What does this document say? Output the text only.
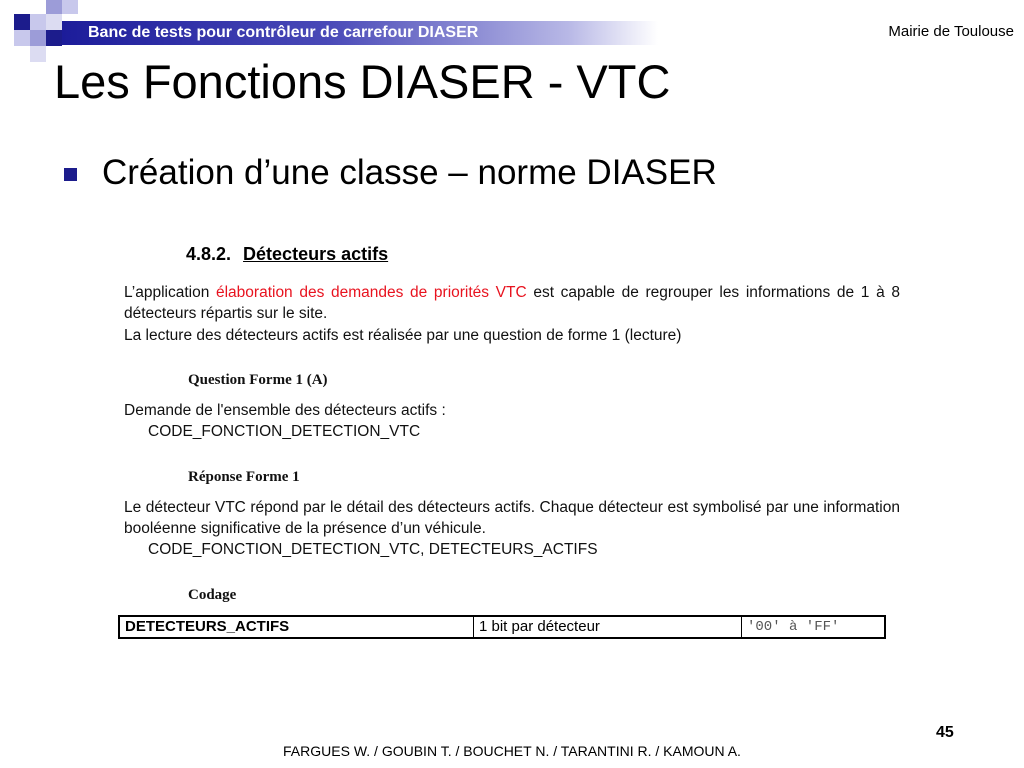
Banc de tests pour contrôleur de carrefour DIASER	Mairie de Toulouse
Les Fonctions DIASER - VTC
Création d’une classe – norme DIASER
4.8.2. Détecteurs actifs
L’application élaboration des demandes de priorités VTC est capable de regrouper les informations de 1 à 8 détecteurs répartis sur le site.
La lecture des détecteurs actifs est réalisée par une question de forme 1 (lecture)
Question Forme 1 (A)
Demande de l'ensemble des détecteurs actifs :
CODE_FONCTION_DETECTION_VTC
Réponse Forme 1
Le détecteur VTC répond par le détail des détecteurs actifs. Chaque détecteur est symbolisé par une information booléenne significative de la présence d’un véhicule.
CODE_FONCTION_DETECTION_VTC, DETECTEURS_ACTIFS
Codage
DETECTEURS_ACTIFS	1 bit par détecteur	'00' à 'FF'
45
FARGUES W. / GOUBIN T. / BOUCHET N. / TARANTINI R. / KAMOUN A.
